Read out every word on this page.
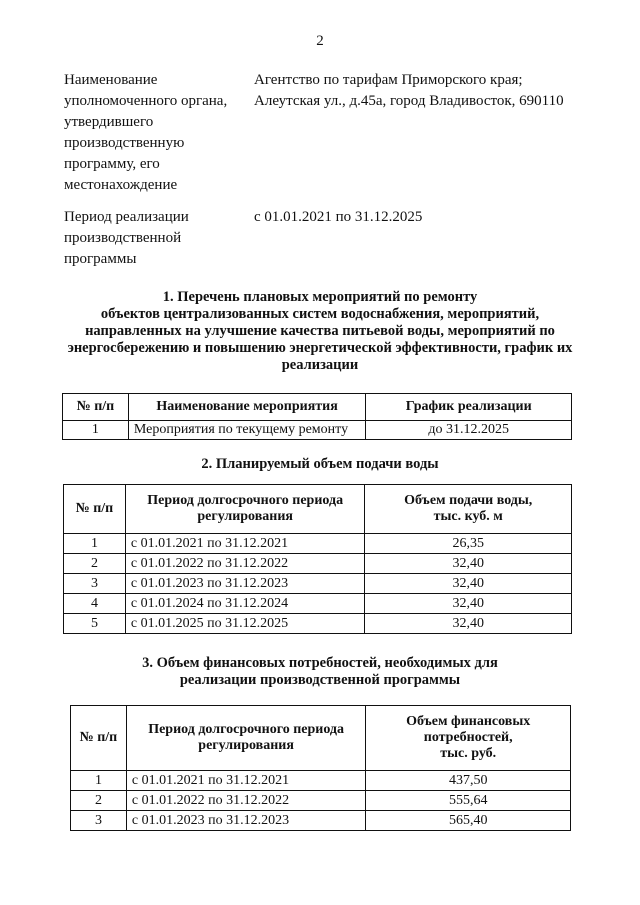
2
Наименование
уполномоченного органа,
утвердившего
производственную
программу, его
местонахождение
Агентство по тарифам Приморского края;
Алеутская ул., д.45а, город Владивосток, 690110
Период реализации
производственной
программы
с 01.01.2021 по 31.12.2025
1. Перечень плановых мероприятий по ремонту
объектов централизованных систем водоснабжения, мероприятий,
направленных на улучшение качества питьевой воды, мероприятий по
энергосбережению и повышению энергетической эффективности, график их
реализации
№ п/п	Наименование мероприятия	График реализации
1	Мероприятия по текущему ремонту	до 31.12.2025
2. Планируемый объем подачи воды
№ п/п	Период долгосрочного периода
регулирования	Объем подачи воды,
тыс. куб. м

1	с 01.01.2021 по 31.12.2021	26,35
2	с 01.01.2022 по 31.12.2022	32,40
3	с 01.01.2023 по 31.12.2023	32,40
4	с 01.01.2024 по 31.12.2024	32,40
5	с 01.01.2025 по 31.12.2025	32,40
3. Объем финансовых потребностей, необходимых для
реализации производственной программы
№ п/п	Период долгосрочного периода
регулирования	Объем финансовых
потребностей,
тыс. руб.

1	с 01.01.2021 по 31.12.2021	437,50
2	с 01.01.2022 по 31.12.2022	555,64
3	с 01.01.2023 по 31.12.2023	565,40
